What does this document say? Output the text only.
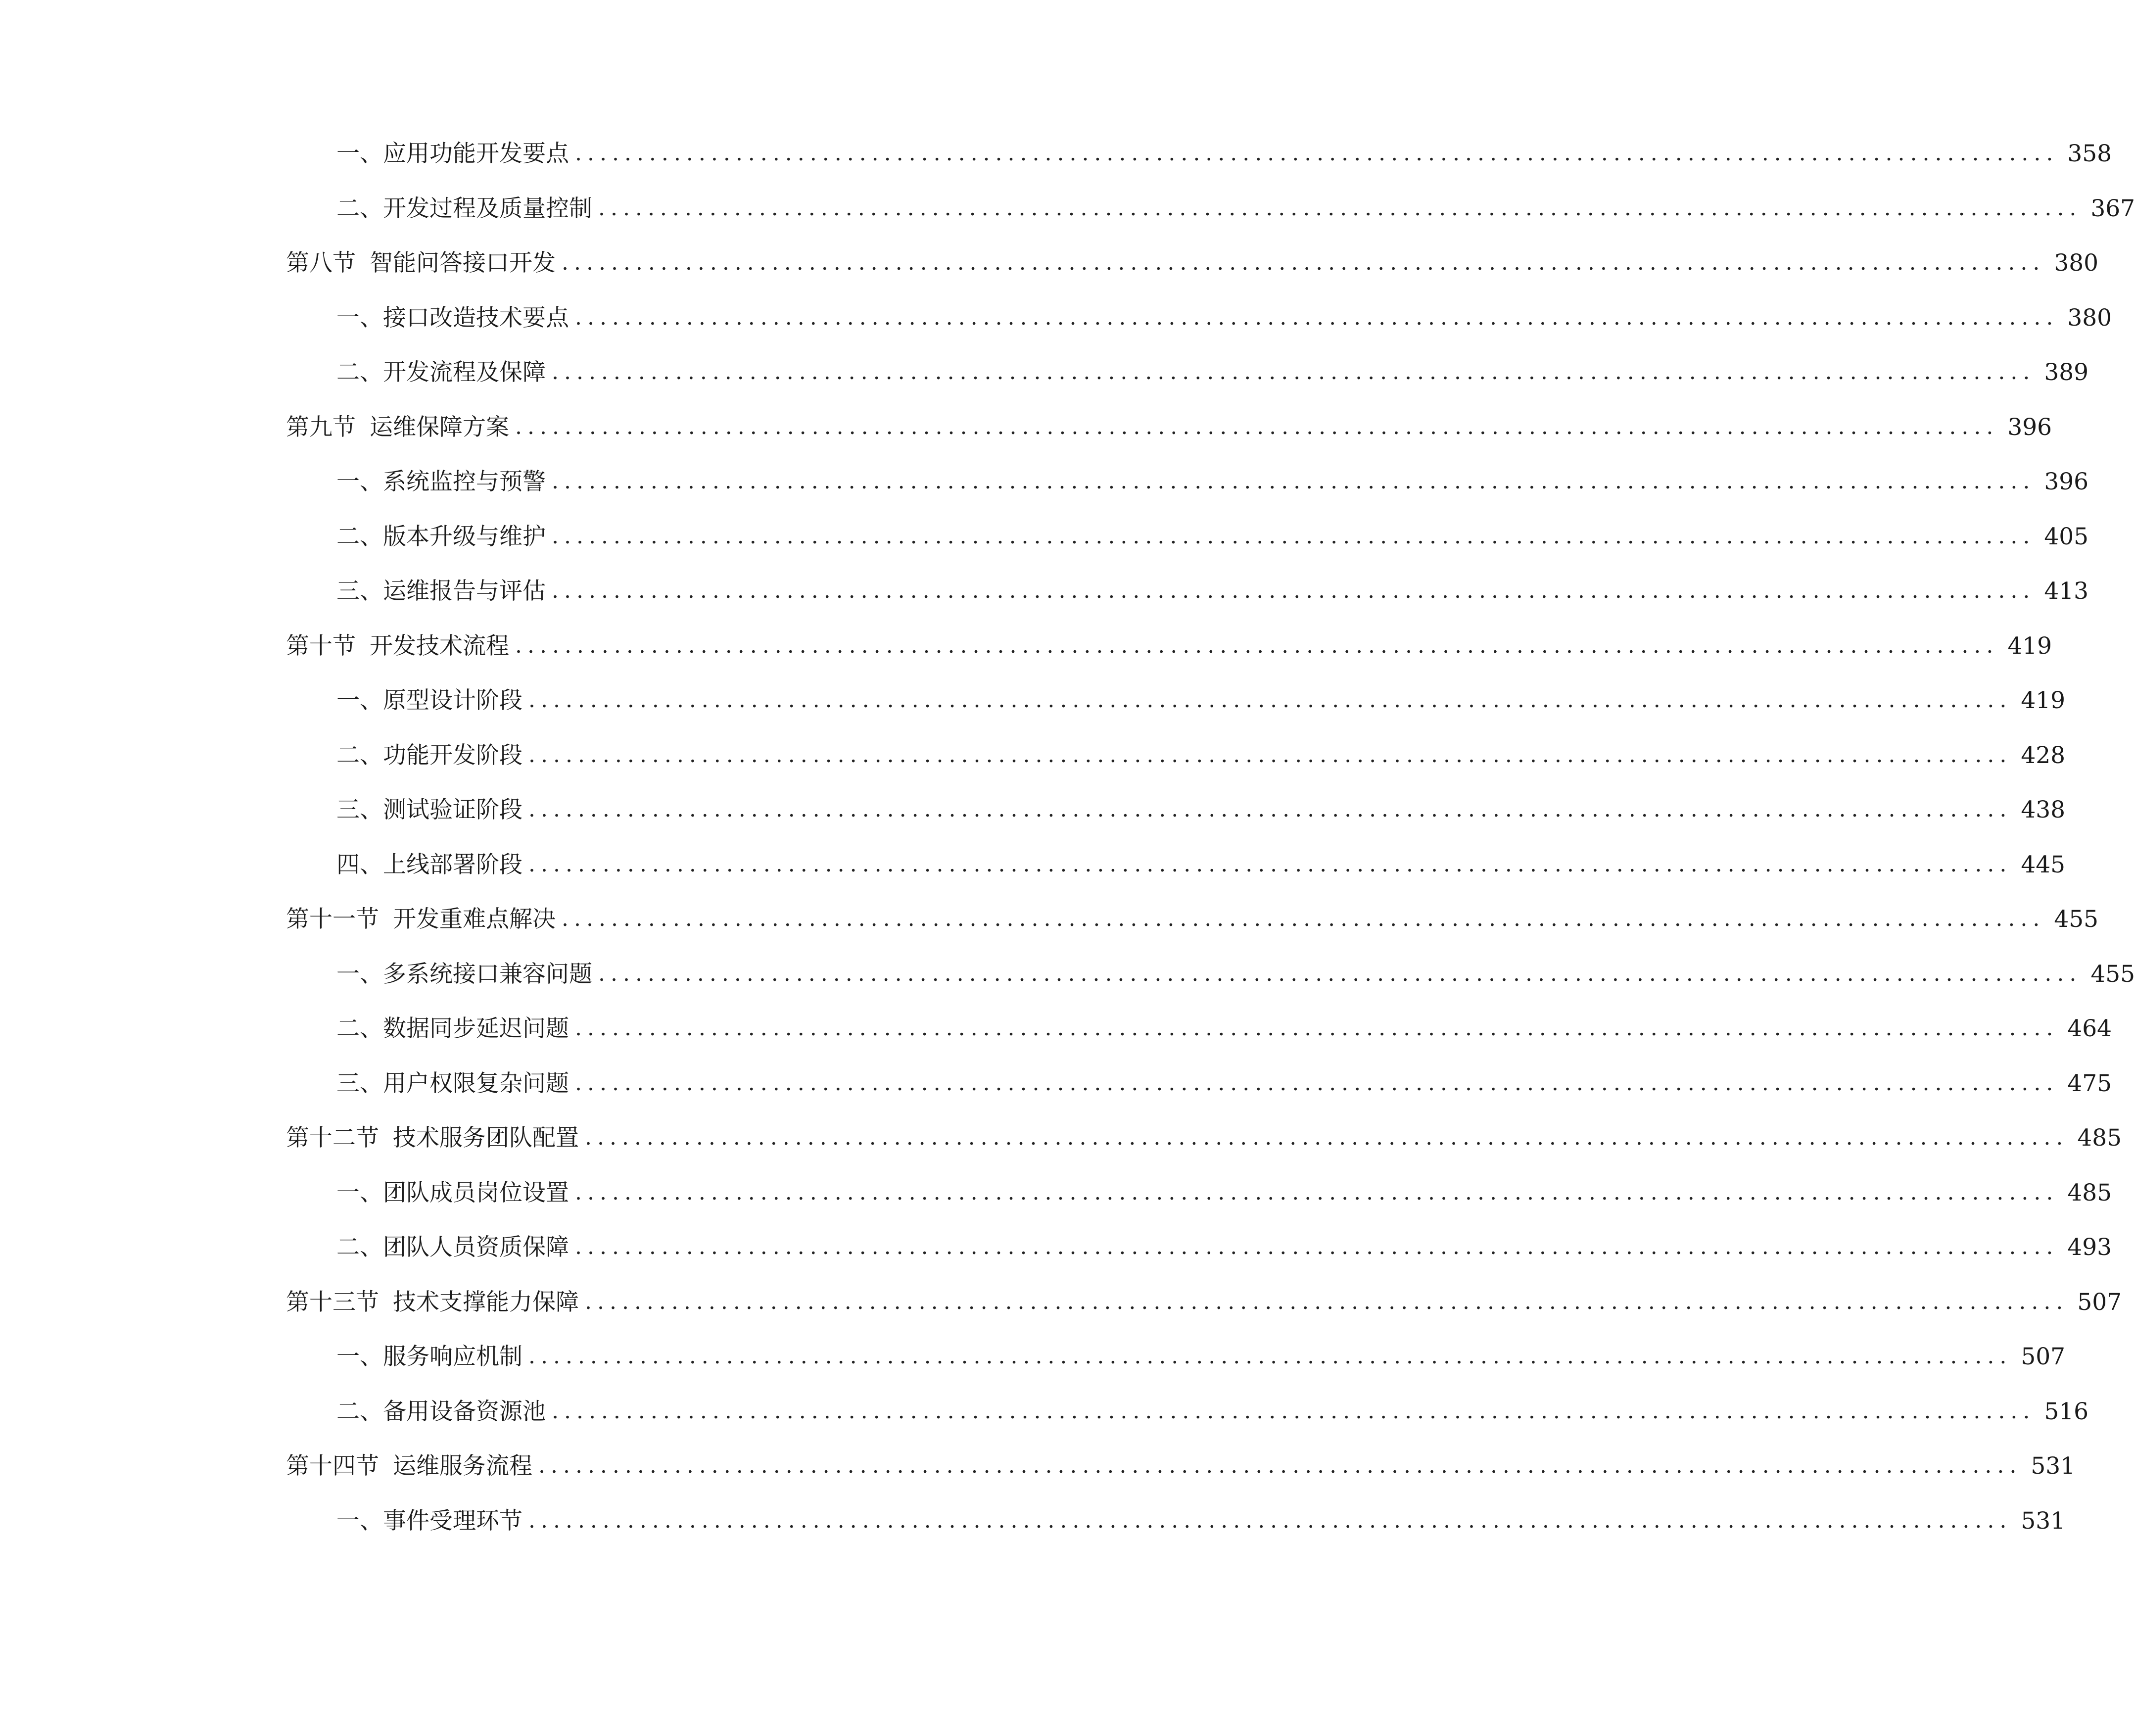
一、 应用功能开发要点 ........................................................................................................................ 358
二、 开发过程及质量控制 ........................................................................................................................ 367
第八节 智能问答接口开发 ........................................................................................................................ 380
一、 接口改造技术要点 ........................................................................................................................ 380
二、 开发流程及保障 ........................................................................................................................ 389
第九节 运维保障方案 ........................................................................................................................ 396
一、 系统监控与预警 ........................................................................................................................ 396
二、 版本升级与维护 ........................................................................................................................ 405
三、 运维报告与评估 ........................................................................................................................ 413
第十节 开发技术流程 ........................................................................................................................ 419
一、 原型设计阶段 ........................................................................................................................ 419
二、 功能开发阶段 ........................................................................................................................ 428
三、 测试验证阶段 ........................................................................................................................ 438
四、 上线部署阶段 ........................................................................................................................ 445
第十一节 开发重难点解决 ........................................................................................................................ 455
一、 多系统接口兼容问题 ........................................................................................................................ 455
二、 数据同步延迟问题 ........................................................................................................................ 464
三、 用户权限复杂问题 ........................................................................................................................ 475
第十二节 技术服务团队配置 ........................................................................................................................ 485
一、 团队成员岗位设置 ........................................................................................................................ 485
二、 团队人员资质保障 ........................................................................................................................ 493
第十三节 技术支撑能力保障 ........................................................................................................................ 507
一、 服务响应机制 ........................................................................................................................ 507
二、 备用设备资源池 ........................................................................................................................ 516
第十四节 运维服务流程 ........................................................................................................................ 531
一、 事件受理环节 ........................................................................................................................ 531
